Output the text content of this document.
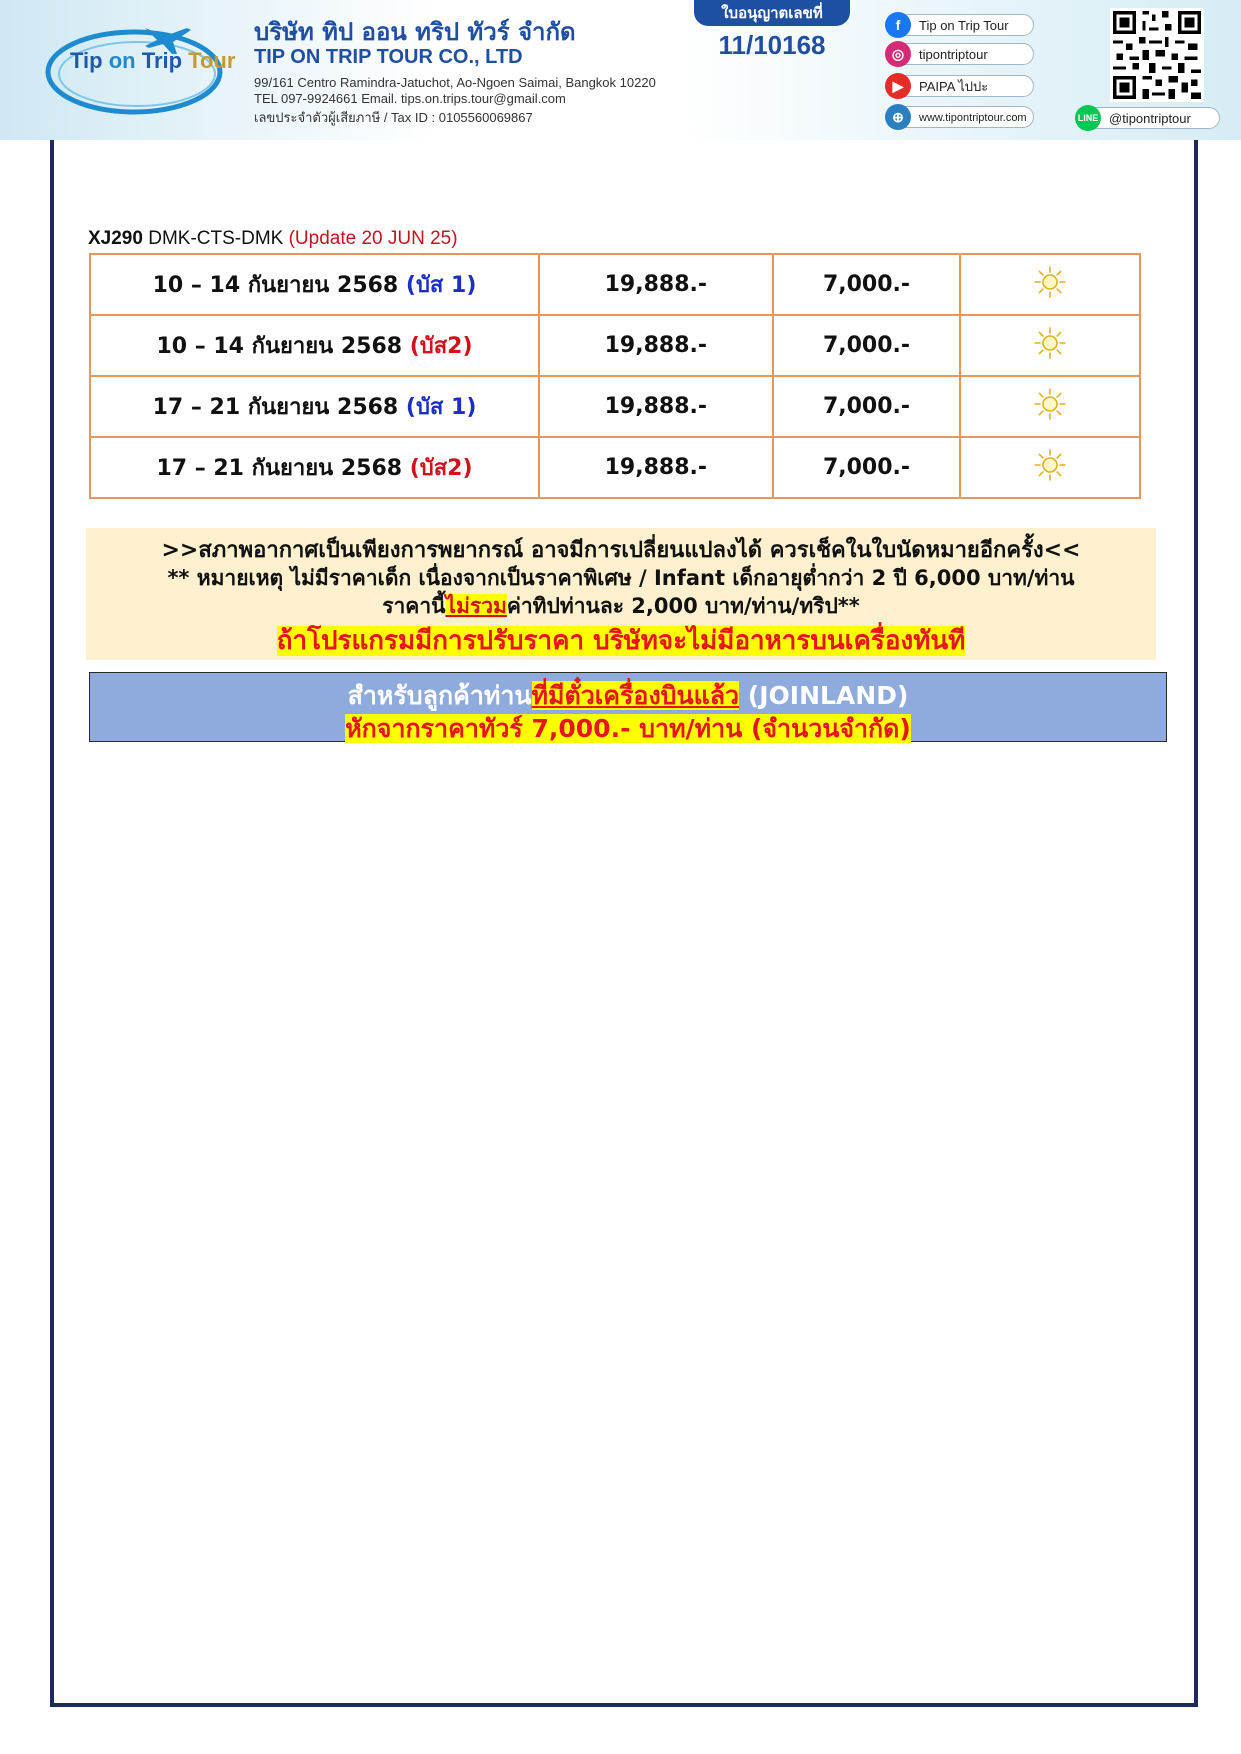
Tip on Trip Tour
บริษัท ทิป ออน ทริป ทัวร์ จำกัด
TIP ON TRIP TOUR CO., LTD
99/161 Centro Ramindra-Jatuchot, Ao-Ngoen Saimai, Bangkok 10220
TEL 097-9924661 Email. tips.on.trips.tour@gmail.com
เลขประจำตัวผู้เสียภาษี / Tax ID : 0105560069867
ใบอนุญาตเลขที่
11/10168
f	Tip on Trip Tour
◎	tipontriptour
▶	PAIPA ไปปะ
⊕	www.tipontriptour.com	LINE @tipontriptour
XJ290 DMK-CTS-DMK (Update 20 JUN 25)
10 – 14 กันยายน 2568 (บัส 1)	19,888.-	7,000.-	
10 – 14 กันยายน 2568 (บัส2)	19,888.-	7,000.-	
17 – 21 กันยายน 2568 (บัส 1)	19,888.-	7,000.-	
17 – 21 กันยายน 2568 (บัส2)	19,888.-	7,000.-	
>>สภาพอากาศเป็นเพียงการพยากรณ์ อาจมีการเปลี่ยนแปลงได้ ควรเช็คในใบนัดหมายอีกครั้ง<<
** หมายเหตุ ไม่มีราคาเด็ก เนื่องจากเป็นราคาพิเศษ / Infant เด็กอายุต่ำกว่า 2 ปี 6,000 บาท/ท่าน
ราคานี้ไม่รวมค่าทิปท่านละ 2,000 บาท/ท่าน/ทริป**
ถ้าโปรแกรมมีการปรับราคา บริษัทจะไม่มีอาหารบนเครื่องทันที
สำหรับลูกค้าท่านที่มีตั๋วเครื่องบินแล้ว (JOINLAND)
หักจากราคาทัวร์ 7,000.- บาท/ท่าน (จำนวนจำกัด)
